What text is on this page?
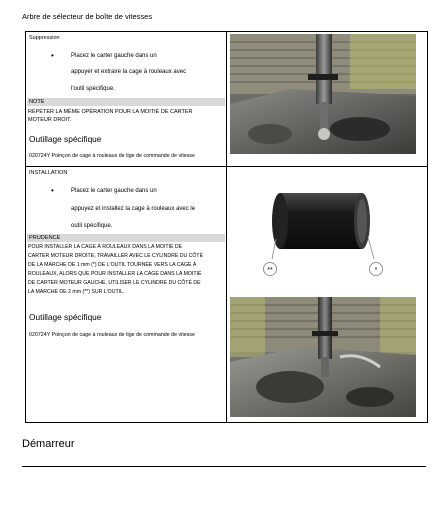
Arbre de sélecteur de boîte de vitesses
Suppression
•	Placez le carter gauche dans un
appuyer et extraire la cage à rouleaux avec
l'outil spécifique.
NOTE
RÉPÉTER LA MÊME OPÉRATION POUR LA MOITIÉ DE CARTER
MOTEUR DROIT.
Outillage spécifique
020724Y Poinçon de cage à rouleaux de tige de commande de vitesse
INSTALLATION
•	Placez le carter gauche dans un
appuyez et installez la cage à rouleaux avec le
outil spécifique.
PRUDENCE
POUR INSTALLER LA CAGE À ROULEAUX DANS LA MOITIÉ DE
CARTER MOTEUR DROITE, TRAVAILLER AVEC LE CYLINDRE DU CÔTÉ
DE LA MARCHE DE 1 mm (*) DE L'OUTIL TOURNÉE VERS LA CAGE À
ROULEAUX, ALORS QUE POUR INSTALLER LA CAGE DANS LA MOITIÉ
DE CARTER MOTEUR GAUCHE, UTILISER LE CYLINDRE DU CÔTÉ DE
LA MARCHE DE 2 mm (**) SUR L'OUTIL.
Outillage spécifique
020724Y Poinçon de cage à rouleaux de tige de commande de vitesse
**	*
Démarreur
